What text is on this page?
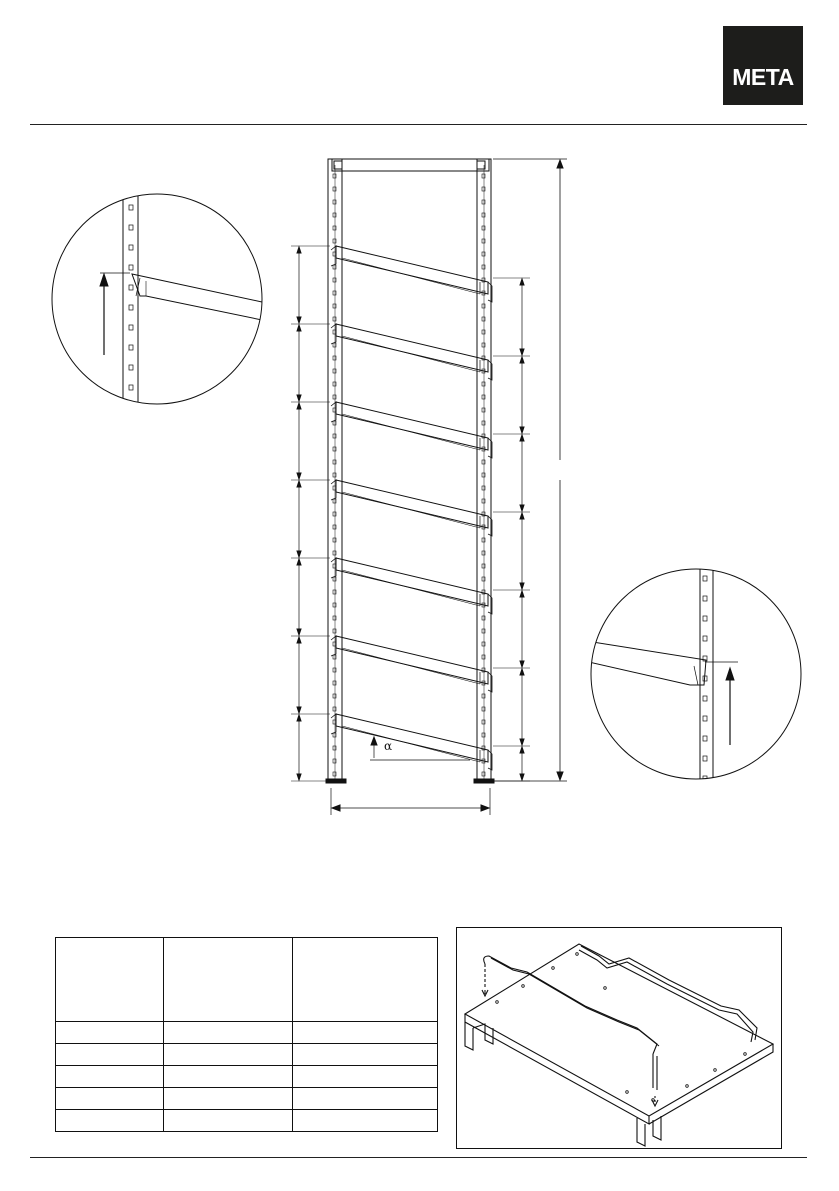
META
α
